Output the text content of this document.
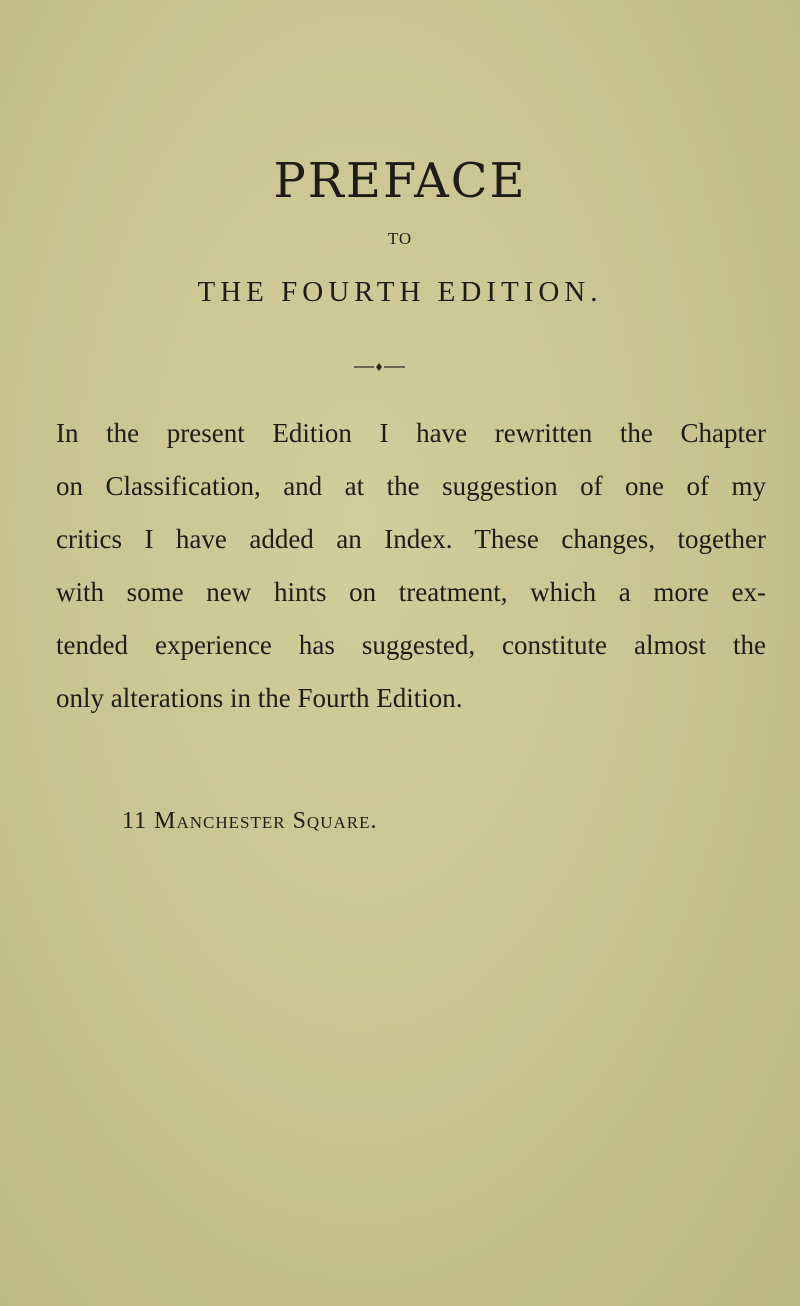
PREFACE
TO
THE FOURTH EDITION.
In the present Edition I have rewritten the Chapter
on Classification, and at the suggestion of one of my
critics I have added an Index. These changes, together
with some new hints on treatment, which a more ex-
tended experience has suggested, constitute almost the
only alterations in the Fourth Edition.
11 Manchester Square.
